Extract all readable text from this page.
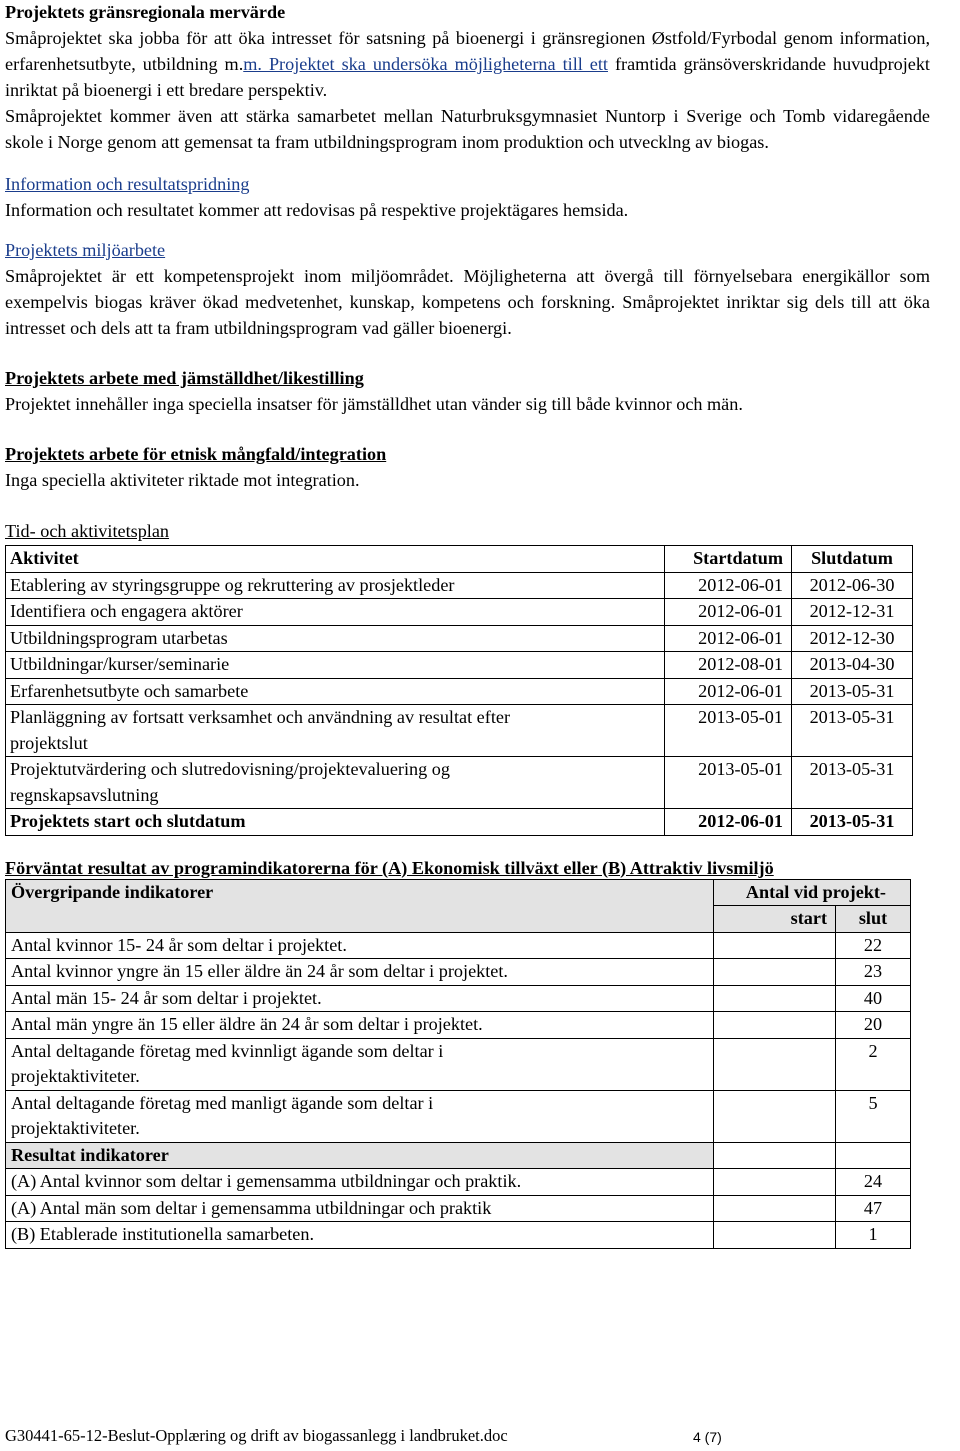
Projektets gränsregionala mervärde

Småprojektet ska jobba för att öka intresset för satsning på bioenergi i gränsregionen Østfold/Fyrbodal genom information, erfarenhetsutbyte, utbildning m.m. Projektet ska undersöka möjligheterna till ett framtida gränsöverskridande huvudprojekt inriktat på bioenergi i ett bredare perspektiv.

Småprojektet kommer även att stärka samarbetet mellan Naturbruksgymnasiet Nuntorp i Sverige och Tomb vidaregående skole i Norge genom att gemensat ta fram utbildningsprogram inom produktion och utvecklng av biogas.

Information och resultatspridning

Information och resultatet kommer att redovisas på respektive projektägares hemsida.

Projektets miljöarbete

Småprojektet är ett kompetensprojekt inom miljöområdet. Möjligheterna att övergå till förnyelsebara energikällor som exempelvis biogas kräver ökad medvetenhet, kunskap, kompetens och forskning. Småprojektet inriktar sig dels till att öka intresset och dels att ta fram utbildningsprogram vad gäller bioenergi.

Projektets arbete med jämställdhet/likestilling

Projektet innehåller inga speciella insatser för jämställdhet utan vänder sig till både kvinnor och män.

Projektets arbete för etnisk mångfald/integration

Inga speciella aktiviteter riktade mot integration.

Tid- och aktivitetsplan
Aktivitet	Startdatum	Slutdatum
Etablering av styringsgruppe og rekruttering av prosjektleder	2012-06-01	2012-06-30
Identifiera och engagera aktörer	2012-06-01	2012-12-31
Utbildningsprogram utarbetas	2012-06-01	2012-12-30
Utbildningar/kurser/seminarie	2012-08-01	2013-04-30
Erfarenhetsutbyte och samarbete	2012-06-01	2013-05-31
Planläggning av fortsatt verksamhet och användning av resultat efter projektslut	2013-05-01	2013-05-31
Projektutvärdering och slutredovisning/projektevaluering og regnskapsavslutning	2013-05-01	2013-05-31
Projektets start och slutdatum	2012-06-01	2013-05-31
Förväntat resultat av programindikatorerna för (A) Ekonomisk tillväxt eller (B) Attraktiv livsmiljö
Övergripande indikatorer	Antal vid projekt-	
	start	slut
Antal kvinnor 15- 24 år som deltar i projektet.		22
Antal kvinnor yngre än 15 eller äldre än 24 år som deltar i projektet.		23
Antal män 15- 24 år som deltar i projektet.		40
Antal män yngre än 15 eller äldre än 24 år som deltar i projektet.		20
Antal deltagande företag med kvinnligt ägande som deltar i projektaktiviteter.		2
Antal deltagande företag med manligt ägande som deltar i projektaktiviteter.		5
Resultat indikatorer		
(A) Antal kvinnor som deltar i gemensamma utbildningar och praktik.		24
(A) Antal män som deltar i gemensamma utbildningar och praktik		47
(B) Etablerade institutionella samarbeten.		1
G30441-65-12-Beslut-Opplæring og drift av biogassanlegg i landbruket.doc	4 (7)
